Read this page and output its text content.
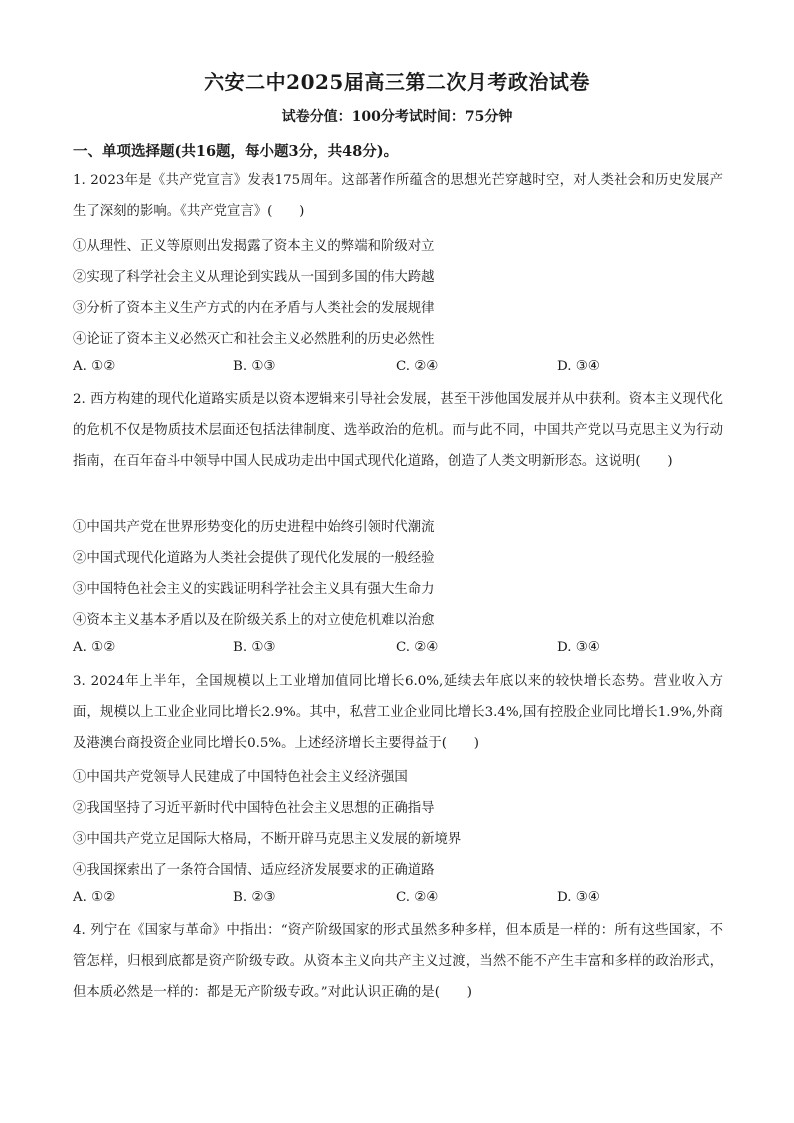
六安二中2025届高三第二次月考政治试卷
试卷分值：100分考试时间：75分钟
一、单项选择题(共16题，每小题3分，共48分)。
1. 2023年是《共产党宣言》发表175周年。这部著作所蕴含的思想光芒穿越时空，对人类社会和历史发展产生了深刻的影响。《共产党宣言》(　　)
①从理性、正义等原则出发揭露了资本主义的弊端和阶级对立
②实现了科学社会主义从理论到实践从一国到多国的伟大跨越
③分析了资本主义生产方式的内在矛盾与人类社会的发展规律
④论证了资本主义必然灭亡和社会主义必然胜利的历史必然性
A. ①②	B. ①③	C. ②④	D. ③④
2. 西方构建的现代化道路实质是以资本逻辑来引导社会发展，甚至干涉他国发展并从中获利。资本主义现代化的危机不仅是物质技术层面还包括法律制度、选举政治的危机。而与此不同，中国共产党以马克思主义为行动指南，在百年奋斗中领导中国人民成功走出中国式现代化道路，创造了人类文明新形态。这说明(　　)
①中国共产党在世界形势变化的历史进程中始终引领时代潮流
②中国式现代化道路为人类社会提供了现代化发展的一般经验
③中国特色社会主义的实践证明科学社会主义具有强大生命力
④资本主义基本矛盾以及在阶级关系上的对立使危机难以治愈
A. ①②	B. ①③	C. ②④	D. ③④
3. 2024年上半年，全国规模以上工业增加值同比增长6.0%,延续去年底以来的较快增长态势。营业收入方面，规模以上工业企业同比增长2.9%。其中，私营工业企业同比增长3.4%,国有控股企业同比增长1.9%,外商及港澳台商投资企业同比增长0.5%。上述经济增长主要得益于(　　)
①中国共产党领导人民建成了中国特色社会主义经济强国
②我国坚持了习近平新时代中国特色社会主义思想的正确指导
③中国共产党立足国际大格局，不断开辟马克思主义发展的新境界
④我国探索出了一条符合国情、适应经济发展要求的正确道路
A. ①②	B. ②③	C. ②④	D. ③④
4. 列宁在《国家与革命》中指出：“资产阶级国家的形式虽然多种多样，但本质是一样的：所有这些国家，不管怎样，归根到底都是资产阶级专政。从资本主义向共产主义过渡，当然不能不产生丰富和多样的政治形式，但本质必然是一样的：都是无产阶级专政。”对此认识正确的是(　　)
